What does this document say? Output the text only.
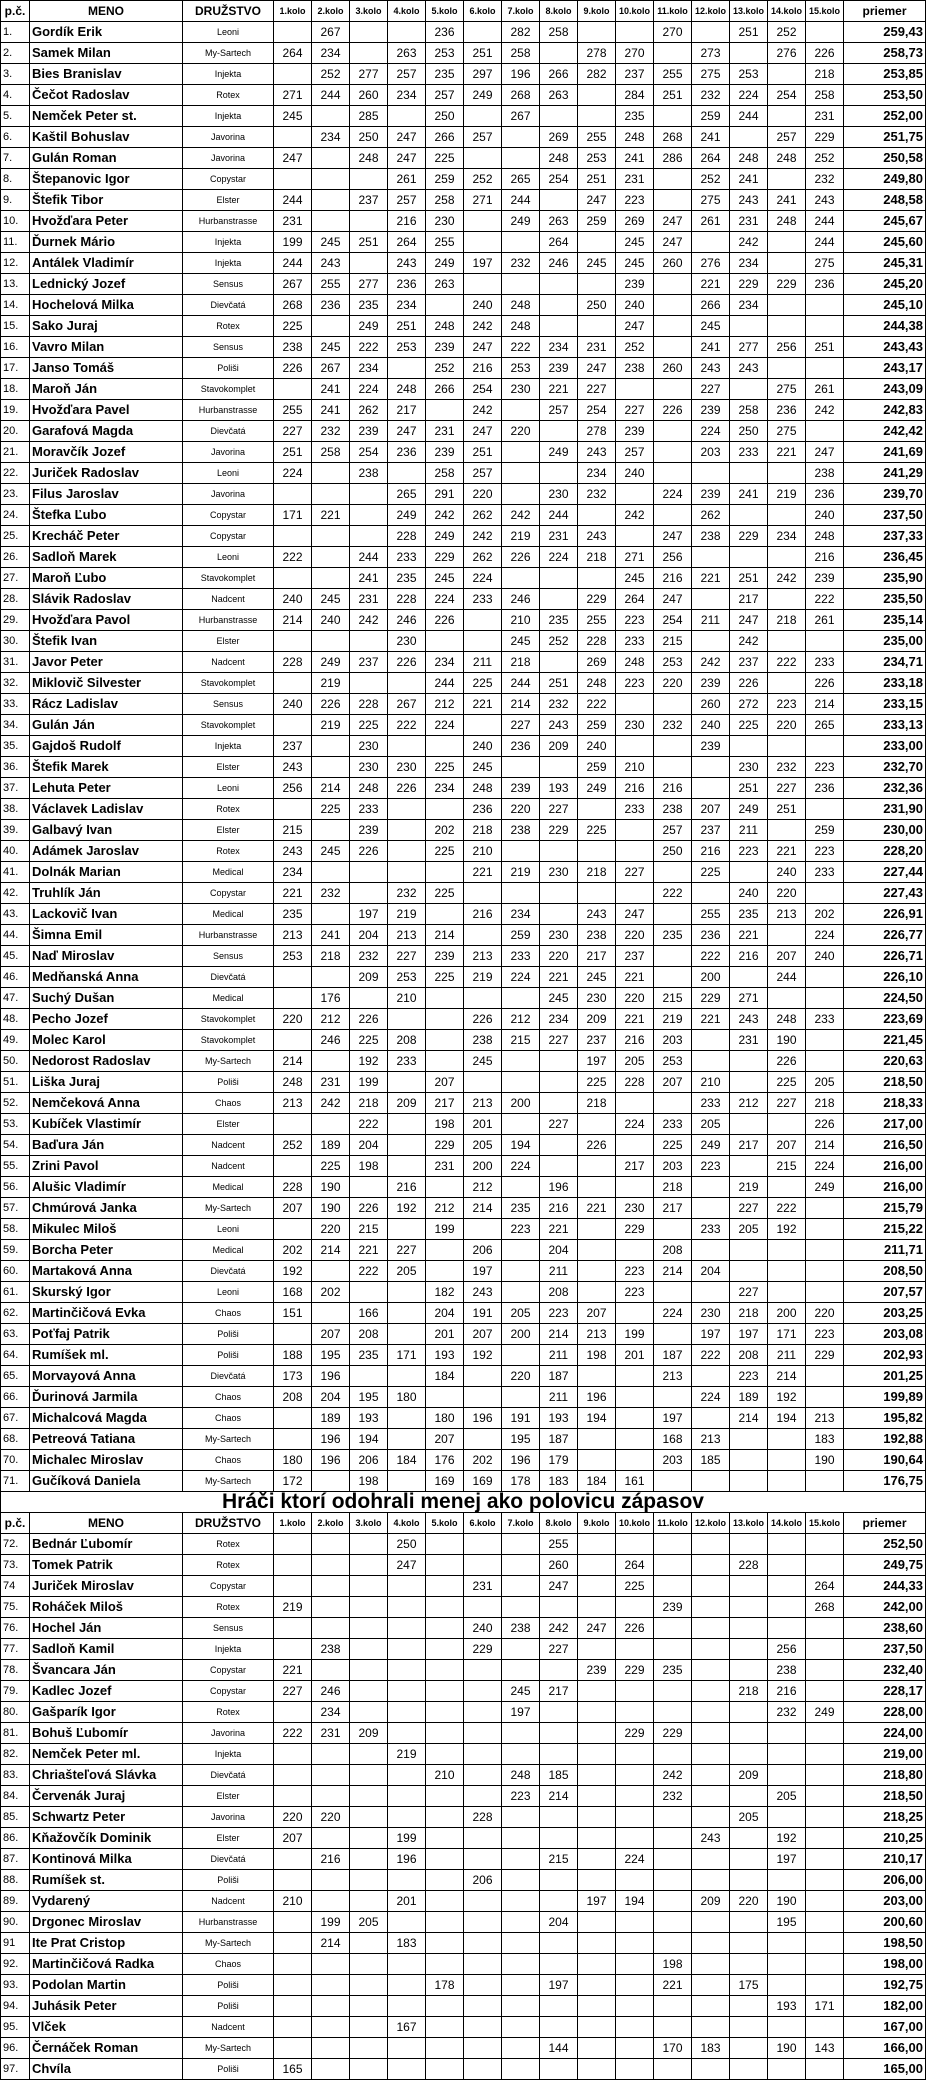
p.č.	MENO	DRUŽSTVO	1.kolo	2.kolo	3.kolo	4.kolo	5.kolo	6.kolo	7.kolo	8.kolo	9.kolo	10.kolo	11.kolo	12.kolo	13.kolo	14.kolo	15.kolo	priemer
1.	Gordík Erik	Leoni		267			236		282	258			270		251	252		259,43
2.	Samek Milan	My-Sartech	264	234		263	253	251	258		278	270		273		276	226	258,73
3.	Bies Branislav	Injekta		252	277	257	235	297	196	266	282	237	255	275	253		218	253,85
4.	Čečot Radoslav	Rotex	271	244	260	234	257	249	268	263		284	251	232	224	254	258	253,50
5.	Nemček Peter st.	Injekta	245		285		250		267			235		259	244		231	252,00
6.	Kaštil Bohuslav	Javorina		234	250	247	266	257		269	255	248	268	241		257	229	251,75
7.	Gulán Roman	Javorina	247		248	247	225			248	253	241	286	264	248	248	252	250,58
8.	Štepanovic Igor	Copystar				261	259	252	265	254	251	231		252	241		232	249,80
9.	Štefik Tibor	Elster	244		237	257	258	271	244		247	223		275	243	241	243	248,58
10.	Hvožďara Peter	Hurbanstrasse	231			216	230		249	263	259	269	247	261	231	248	244	245,67
11.	Ďurnek Mário	Injekta	199	245	251	264	255			264		245	247		242		244	245,60
12.	Antálek Vladimír	Injekta	244	243		243	249	197	232	246	245	245	260	276	234		275	245,31
13.	Lednický Jozef	Sensus	267	255	277	236	263					239		221	229	229	236	245,20
14.	Hochelová Milka	Dievčatá	268	236	235	234		240	248		250	240		266	234			245,10
15.	Sako Juraj	Rotex	225		249	251	248	242	248			247		245				244,38
16.	Vavro Milan	Sensus	238	245	222	253	239	247	222	234	231	252		241	277	256	251	243,43
17.	Janso Tomáš	Poliši	226	267	234		252	216	253	239	247	238	260	243	243			243,17
18.	Maroň Ján	Stavokomplet		241	224	248	266	254	230	221	227			227		275	261	243,09
19.	Hvožďara Pavel	Hurbanstrasse	255	241	262	217		242		257	254	227	226	239	258	236	242	242,83
20.	Garafová Magda	Dievčatá	227	232	239	247	231	247	220		278	239		224	250	275		242,42
21.	Moravčík Jozef	Javorina	251	258	254	236	239	251		249	243	257		203	233	221	247	241,69
22.	Juriček Radoslav	Leoni	224		238		258	257			234	240					238	241,29
23.	Filus Jaroslav	Javorina				265	291	220		230	232		224	239	241	219	236	239,70
24.	Štefka Ľubo	Copystar	171	221		249	242	262	242	244		242		262			240	237,50
25.	Krecháč Peter	Copystar				228	249	242	219	231	243		247	238	229	234	248	237,33
26.	Sadloň Marek	Leoni	222		244	233	229	262	226	224	218	271	256				216	236,45
27.	Maroň Ľubo	Stavokomplet			241	235	245	224				245	216	221	251	242	239	235,90
28.	Slávik Radoslav	Nadcent	240	245	231	228	224	233	246		229	264	247		217		222	235,50
29.	Hvožďara Pavol	Hurbanstrasse	214	240	242	246	226		210	235	255	223	254	211	247	218	261	235,14
30.	Štefik Ivan	Elster				230			245	252	228	233	215		242			235,00
31.	Javor Peter	Nadcent	228	249	237	226	234	211	218		269	248	253	242	237	222	233	234,71
32.	Miklovič Silvester	Stavokomplet		219			244	225	244	251	248	223	220	239	226		226	233,18
33.	Rácz Ladislav	Sensus	240	226	228	267	212	221	214	232	222			260	272	223	214	233,15
34.	Gulán Ján	Stavokomplet		219	225	222	224		227	243	259	230	232	240	225	220	265	233,13
35.	Gajdoš Rudolf	Injekta	237		230			240	236	209	240			239				233,00
36.	Štefik Marek	Elster	243		230	230	225	245			259	210			230	232	223	232,70
37.	Lehuta Peter	Leoni	256	214	248	226	234	248	239	193	249	216	216		251	227	236	232,36
38.	Václavek Ladislav	Rotex		225	233			236	220	227		233	238	207	249	251		231,90
39.	Galbavý Ivan	Elster	215		239		202	218	238	229	225		257	237	211		259	230,00
40.	Adámek Jaroslav	Rotex	243	245	226		225	210					250	216	223	221	223	228,20
41.	Dolnák Marian	Medical	234					221	219	230	218	227		225		240	233	227,44
42.	Truhlík Ján	Copystar	221	232		232	225						222		240	220		227,43
43.	Lackovič Ivan	Medical	235		197	219		216	234		243	247		255	235	213	202	226,91
44.	Šimna Emil	Hurbanstrasse	213	241	204	213	214		259	230	238	220	235	236	221		224	226,77
45.	Naď Miroslav	Sensus	253	218	232	227	239	213	233	220	217	237		222	216	207	240	226,71
46.	Medňanská Anna	Dievčatá			209	253	225	219	224	221	245	221		200		244		226,10
47.	Suchý Dušan	Medical		176		210				245	230	220	215	229	271			224,50
48.	Pecho Jozef	Stavokomplet	220	212	226			226	212	234	209	221	219	221	243	248	233	223,69
49.	Molec Karol	Stavokomplet		246	225	208		238	215	227	237	216	203		231	190		221,45
50.	Nedorost Radoslav	My-Sartech	214		192	233		245			197	205	253			226		220,63
51.	Liška Juraj	Poliši	248	231	199		207				225	228	207	210		225	205	218,50
52.	Nemčeková Anna	Chaos	213	242	218	209	217	213	200		218			233	212	227	218	218,33
53.	Kubíček Vlastimír	Elster			222		198	201		227		224	233	205			226	217,00
54.	Baďura Ján	Nadcent	252	189	204		229	205	194		226		225	249	217	207	214	216,50
55.	Zrini Pavol	Nadcent		225	198		231	200	224			217	203	223		215	224	216,00
56.	Alušic Vladimír	Medical	228	190		216		212		196			218		219		249	216,00
57.	Chmúrová Janka	My-Sartech	207	190	226	192	212	214	235	216	221	230	217		227	222		215,79
58.	Mikulec Miloš	Leoni		220	215		199		223	221		229		233	205	192		215,22
59.	Borcha Peter	Medical	202	214	221	227		206		204			208					211,71
60.	Martaková Anna	Dievčatá	192		222	205		197		211		223	214	204				208,50
61.	Skurský Igor	Leoni	168	202			182	243		208		223			227			207,57
62.	Martinčičová Evka	Chaos	151		166		204	191	205	223	207		224	230	218	200	220	203,25
63.	Poťfaj Patrik	Poliši		207	208		201	207	200	214	213	199		197	197	171	223	203,08
64.	Rumíšek ml.	Poliši	188	195	235	171	193	192		211	198	201	187	222	208	211	229	202,93
65.	Morvayová Anna	Dievčatá	173	196			184		220	187			213		223	214		201,25
66.	Ďurinová Jarmila	Chaos	208	204	195	180				211	196			224	189	192		199,89
67.	Michalcová Magda	Chaos		189	193		180	196	191	193	194		197		214	194	213	195,82
68.	Petreová Tatiana	My-Sartech		196	194		207		195	187			168	213			183	192,88
70.	Michalec Miroslav	Chaos	180	196	206	184	176	202	196	179			203	185			190	190,64
71.	Gučíková Daniela	My-Sartech	172		198		169	169	178	183	184	161						176,75
Hráči ktorí odohrali menej ako polovicu zápasov																		
p.č.	MENO	DRUŽSTVO	1.kolo	2.kolo	3.kolo	4.kolo	5.kolo	6.kolo	7.kolo	8.kolo	9.kolo	10.kolo	11.kolo	12.kolo	13.kolo	14.kolo	15.kolo	priemer
72.	Bednár Ľubomír	Rotex				250				255								252,50
73.	Tomek Patrik	Rotex				247				260		264			228			249,75
74	Juriček Miroslav	Copystar						231		247		225					264	244,33
75.	Roháček Miloš	Rotex	219										239				268	242,00
76.	Hochel Ján	Sensus						240	238	242	247	226						238,60
77.	Sadloň Kamil	Injekta		238				229		227						256		237,50
78.	Švancara Ján	Copystar	221								239	229	235			238		232,40
79.	Kadlec Jozef	Copystar	227	246					245	217					218	216		228,17
80.	Gašparík Igor	Rotex		234					197							232	249	228,00
81.	Bohuš Ľubomír	Javorina	222	231	209							229	229					224,00
82.	Nemček Peter ml.	Injekta				219												219,00
83.	Chriašteľová Slávka	Dievčatá					210		248	185			242		209			218,80
84.	Červenák Juraj	Elster							223	214			232			205		218,50
85.	Schwartz Peter	Javorina	220	220				228							205			218,25
86.	Kňažovčík Dominik	Elster	207			199								243		192		210,25
87.	Kontinová Milka	Dievčatá		216		196				215		224				197		210,17
88.	Rumíšek st.	Poliši						206										206,00
89.	Vydarený	Nadcent	210			201					197	194		209	220	190		203,00
90.	Drgonec Miroslav	Hurbanstrasse		199	205					204						195		200,60
91	Ite Prat Cristop	My-Sartech		214		183												198,50
92.	Martinčičová Radka	Chaos											198					198,00
93.	Podolan Martin	Poliši					178			197			221		175			192,75
94.	Juhásik Peter	Poliši														193	171	182,00
95.	Vlček	Nadcent				167												167,00
96.	Černáček Roman	My-Sartech								144			170	183		190	143	166,00
97.	Chvíla	Poliši	165															165,00
